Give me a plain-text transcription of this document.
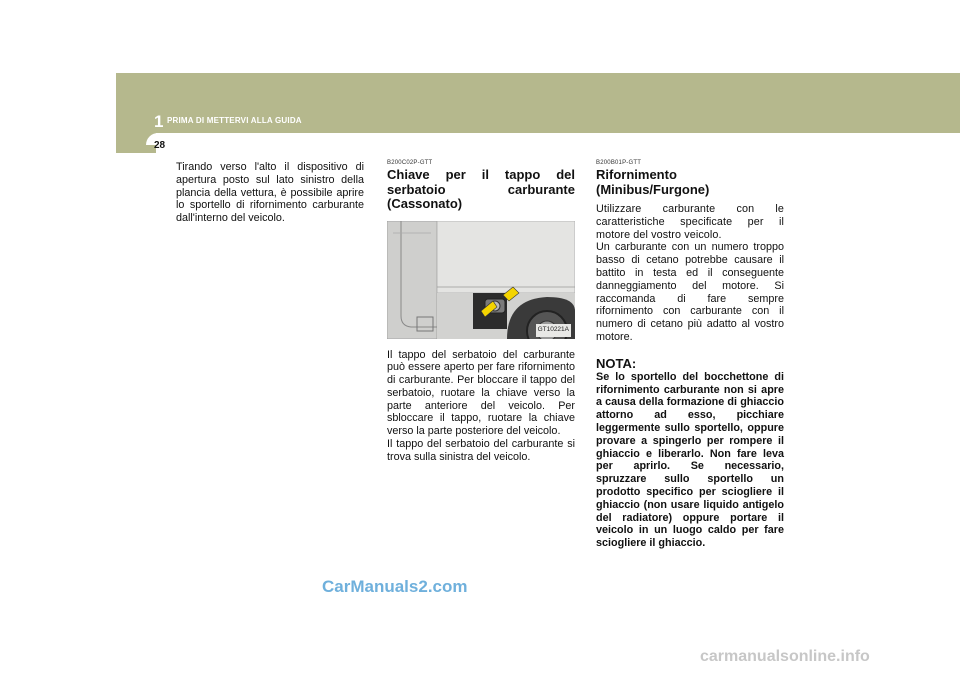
1 PRIMA DI METTERVI ALLA GUIDA
28

Tirando verso l'alto il dispositivo di apertura posto sul lato sinistro della plancia della vettura, è possibile aprire lo sportello di rifornimento carburante dall'interno del veicolo.

B200C02P-GTT
Chiave per il tappo del serbatoio carburante (Cassonato)
GT10221A

Il tappo del serbatoio del carburante può essere aperto per fare rifornimento di carburante. Per bloccare il tappo del serbatoio, ruotare la chiave verso la parte anteriore del veicolo. Per sbloccare il tappo, ruotare la chiave verso la parte posteriore del veicolo.

Il tappo del serbatoio del carburante si trova sulla sinistra del veicolo.

B200B01P-GTT
Rifornimento (Minibus/Furgone)

Utilizzare carburante con le caratteristiche specificate per il motore del vostro veicolo.

Un carburante con un numero troppo basso di cetano potrebbe causare il battito in testa ed il conseguente danneggiamento del motore. Si raccomanda di fare sempre rifornimento con carburante con il numero di cetano più adatto al vostro motore.

NOTA:

Se lo sportello del bocchettone di rifornimento carburante non si apre a causa della formazione di ghiaccio attorno ad esso, picchiare leggermente sullo sportello, oppure provare a spingerlo per rompere il ghiaccio e liberarlo. Non fare leva per aprirlo. Se necessario, spruzzare sullo sportello un prodotto specifico per sciogliere il ghiaccio (non usare liquido antigelo del radiatore) oppure portare il veicolo in un luogo caldo per fare sciogliere il ghiaccio.

CarManuals2.com
carmanualsonline.info
